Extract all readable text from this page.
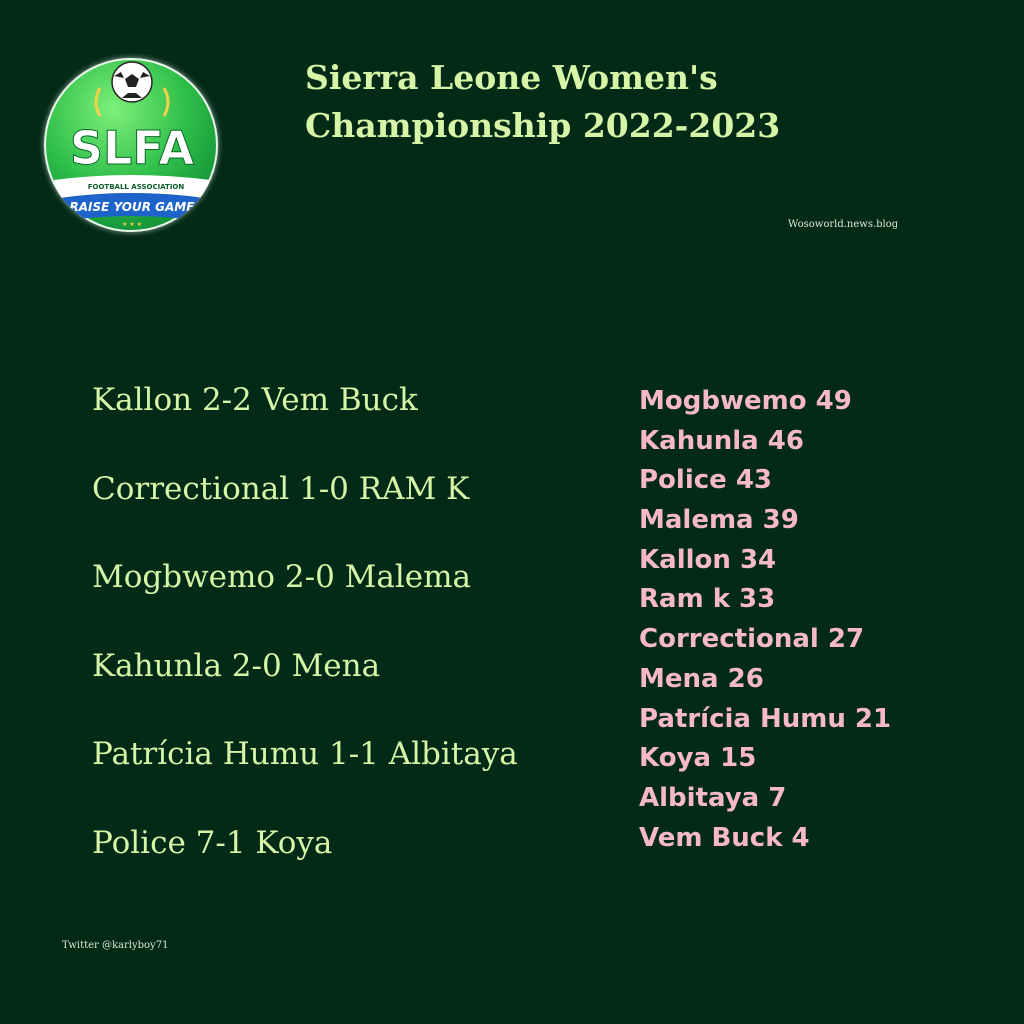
SLFA
FOOTBALL ASSOCIATION
RAISE YOUR GAME
★ ★ ★
Sierra Leone Women's
Championship 2022-2023
Wosoworld.news.blog
Kallon 2-2 Vem Buck
Correctional 1-0 RAM K
Mogbwemo 2-0 Malema
Kahunla 2-0 Mena
Patrícia Humu 1-1 Albitaya
Police 7-1 Koya
Mogbwemo 49
Kahunla 46
Police 43
Malema 39
Kallon 34
Ram k 33
Correctional 27
Mena 26
Patrícia Humu 21
Koya 15
Albitaya 7
Vem Buck 4
Twitter @karlyboy71
